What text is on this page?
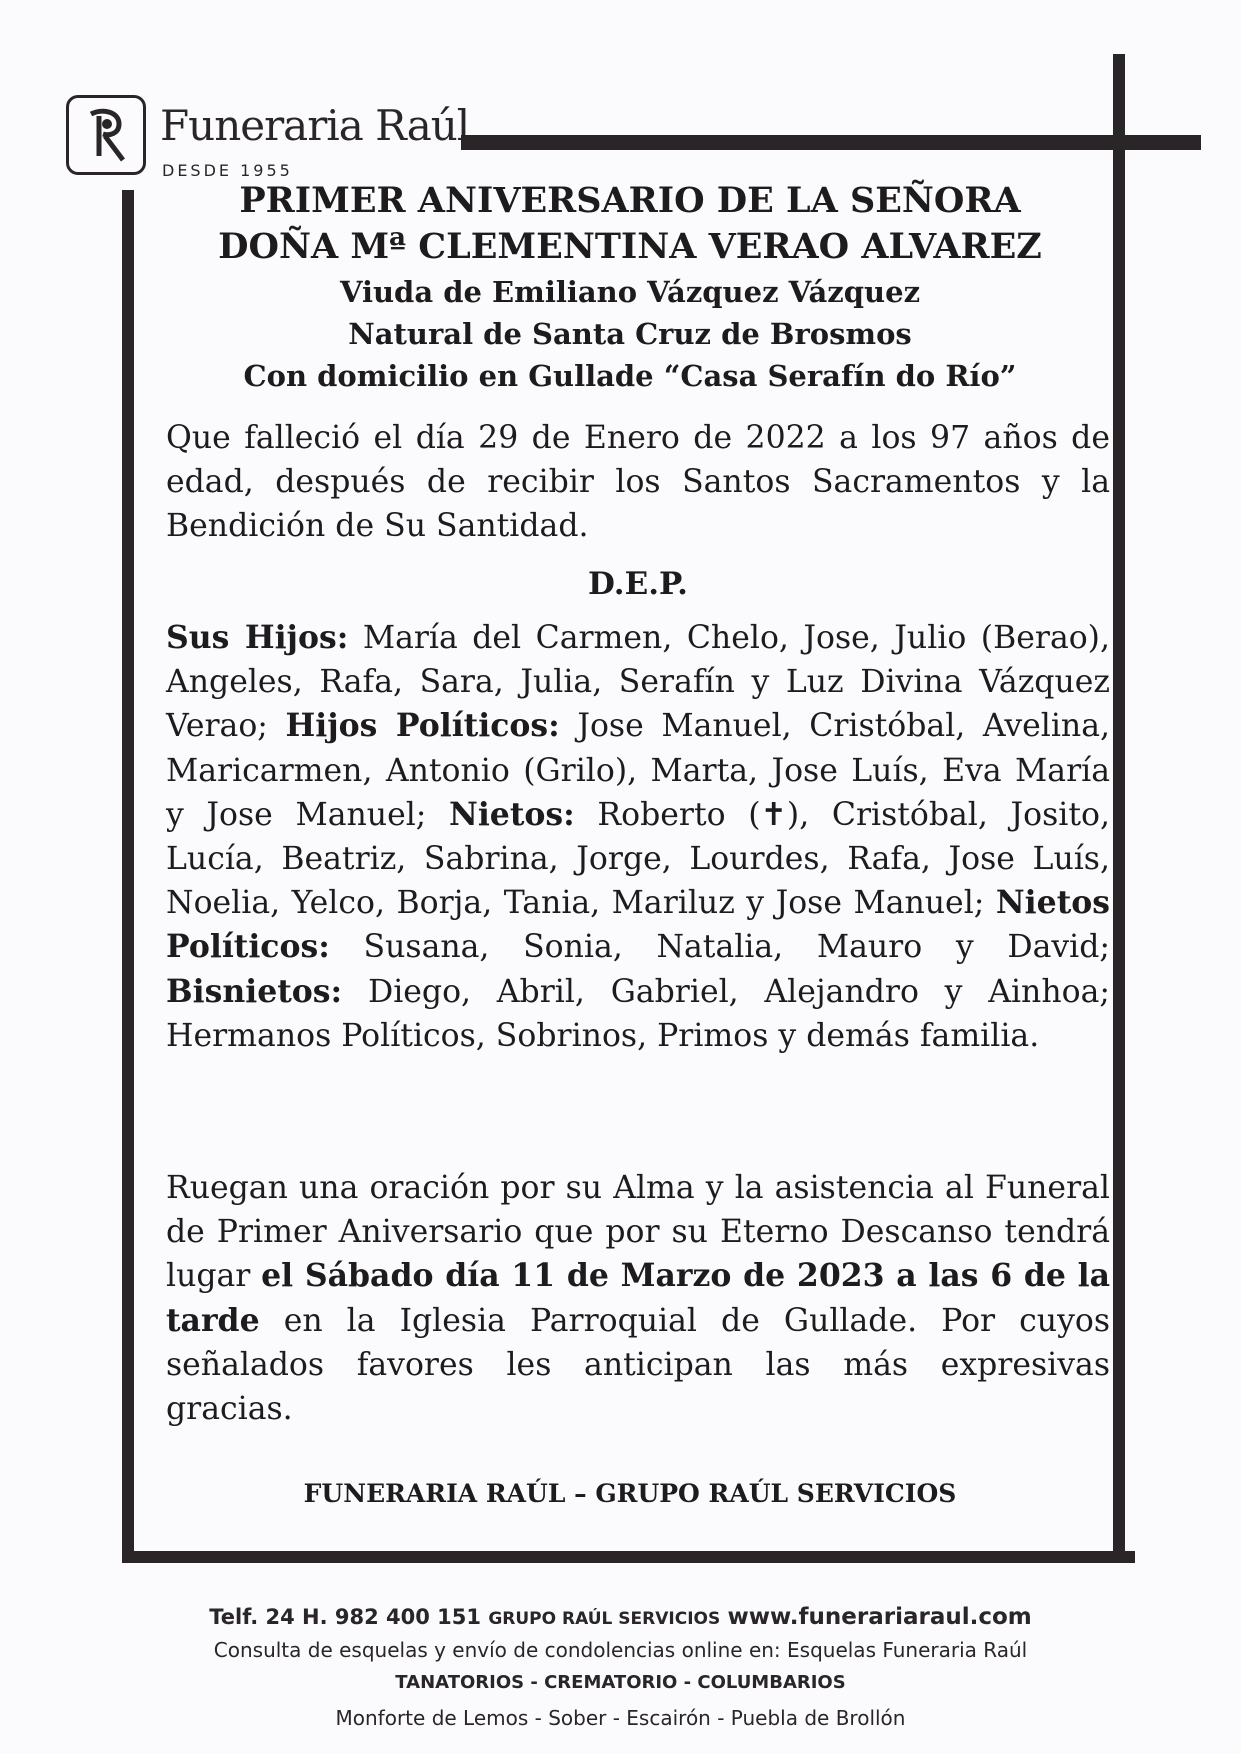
Funeraria Raúl
DESDE 1955
PRIMER ANIVERSARIO DE LA SEÑORA
DOÑA Mª CLEMENTINA VERAO ALVAREZ
Viuda de Emiliano Vázquez Vázquez
Natural de Santa Cruz de Brosmos
Con domicilio en Gullade “Casa Serafín do Río”
Que falleció el día 29 de Enero de 2022 a los 97 años de edad, después de recibir los Santos Sacramentos y la Bendición de Su Santidad.
D.E.P.
Sus Hijos: María del Carmen, Chelo, Jose, Julio (Berao), Angeles, Rafa, Sara, Julia, Serafín y Luz Divina Vázquez Verao; Hijos Políticos: Jose Manuel, Cristóbal, Avelina, Maricarmen, Antonio (Grilo), Marta, Jose Luís, Eva María y Jose Manuel; Nietos: Roberto (✝), Cristóbal, Josito, Lucía, Beatriz, Sabrina, Jorge, Lourdes, Rafa, Jose Luís, Noelia, Yelco, Borja, Tania, Mariluz y Jose Manuel; Nietos Políticos: Susana, Sonia, Natalia, Mauro y David; Bisnietos: Diego, Abril, Gabriel, Alejandro y Ainhoa; Hermanos Políticos, Sobrinos, Primos y demás familia.
Ruegan una oración por su Alma y la asistencia al Funeral de Primer Aniversario que por su Eterno Descanso tendrá lugar el Sábado día 11 de Marzo de 2023 a las 6 de la tarde en la Iglesia Parroquial de Gullade. Por cuyos señalados favores les anticipan las más expresivas gracias.
FUNERARIA RAÚL – GRUPO RAÚL SERVICIOS
Telf. 24 H. 982 400 151 GRUPO RAÚL SERVICIOS www.funerariaraul.com
Consulta de esquelas y envío de condolencias online en: Esquelas Funeraria Raúl
TANATORIOS - CREMATORIO - COLUMBARIOS
Monforte de Lemos - Sober - Escairón - Puebla de Brollón
